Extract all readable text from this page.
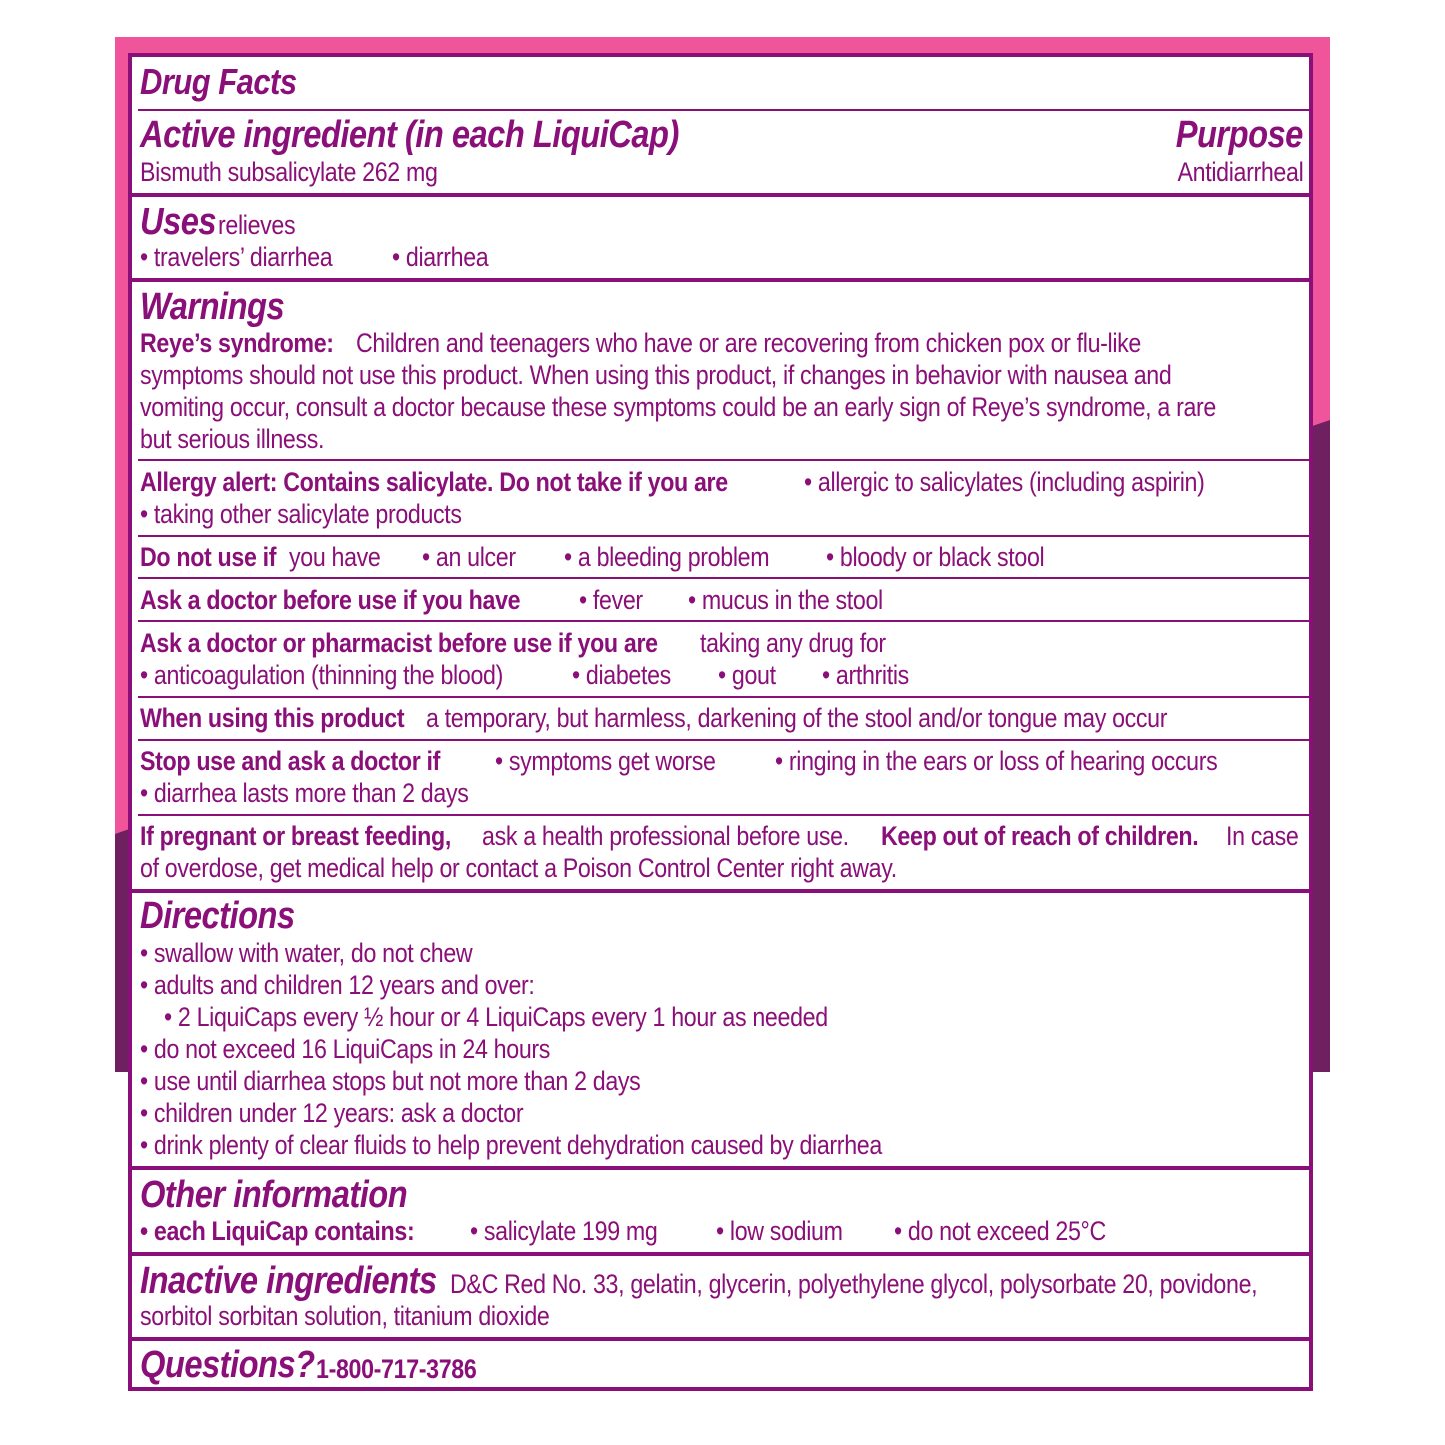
Drug Facts
Active ingredient (in each LiquiCap)	Purpose
Bismuth subsalicylate 262 mg	Antidiarrheal
Uses relieves
• travelers’ diarrhea • diarrhea
Warnings
Reye’s syndrome: Children and teenagers who have or are recovering from chicken pox or flu-like
symptoms should not use this product. When using this product, if changes in behavior with nausea and
vomiting occur, consult a doctor because these symptoms could be an early sign of Reye’s syndrome, a rare
but serious illness.
Allergy alert: Contains salicylate. Do not take if you are	• allergic to salicylates (including aspirin)
• taking other salicylate products
Do not use if you have • an ulcer • a bleeding problem • bloody or black stool
Ask a doctor before use if you have • fever • mucus in the stool
Ask a doctor or pharmacist before use if you are taking any drug for
• anticoagulation (thinning the blood)	• diabetes • gout • arthritis
When using this product a temporary, but harmless, darkening of the stool and/or tongue may occur
Stop use and ask a doctor if • symptoms get worse • ringing in the ears or loss of hearing occurs
• diarrhea lasts more than 2 days
If pregnant or breast feeding, ask a health professional before use. Keep out of reach of children. In case
of overdose, get medical help or contact a Poison Control Center right away.
Directions
• swallow with water, do not chew
• adults and children 12 years and over:
• 2 LiquiCaps every ½ hour or 4 LiquiCaps every 1 hour as needed
• do not exceed 16 LiquiCaps in 24 hours
• use until diarrhea stops but not more than 2 days
• children under 12 years: ask a doctor
• drink plenty of clear fluids to help prevent dehydration caused by diarrhea
Other information
• each LiquiCap contains: • salicylate 199 mg • low sodium • do not exceed 25°C
Inactive ingredients D&C Red No. 33, gelatin, glycerin, polyethylene glycol, polysorbate 20, povidone,
sorbitol sorbitan solution, titanium dioxide
Questions? 1-800-717-3786
